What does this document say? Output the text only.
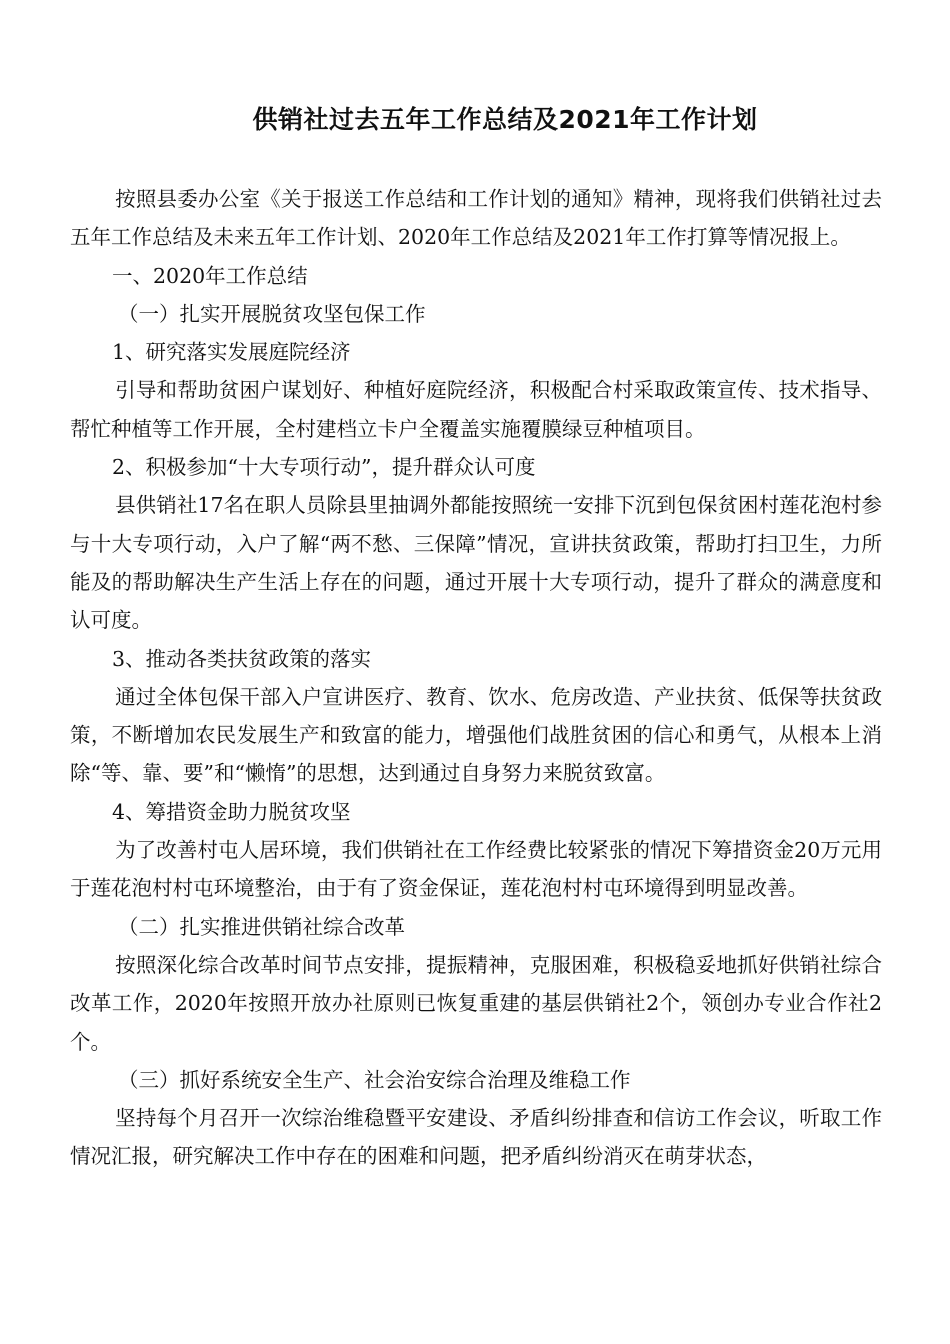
供销社过去五年工作总结及2021年工作计划

按照县委办公室《关于报送工作总结和工作计划的通知》精神，现将我们供销社过去五年工作总结及未来五年工作计划、2020年工作总结及2021年工作打算等情况报上。

一、2020年工作总结

（一）扎实开展脱贫攻坚包保工作

1、研究落实发展庭院经济

引导和帮助贫困户谋划好、种植好庭院经济，积极配合村采取政策宣传、技术指导、帮忙种植等工作开展，全村建档立卡户全覆盖实施覆膜绿豆种植项目。

2、积极参加“十大专项行动”，提升群众认可度

县供销社17名在职人员除县里抽调外都能按照统一安排下沉到包保贫困村莲花泡村参与十大专项行动，入户了解“两不愁、三保障”情况，宣讲扶贫政策，帮助打扫卫生，力所能及的帮助解决生产生活上存在的问题，通过开展十大专项行动，提升了群众的满意度和认可度。

3、推动各类扶贫政策的落实

通过全体包保干部入户宣讲医疗、教育、饮水、危房改造、产业扶贫、低保等扶贫政策，不断增加农民发展生产和致富的能力，增强他们战胜贫困的信心和勇气，从根本上消除“等、靠、要”和“懒惰”的思想，达到通过自身努力来脱贫致富。

4、筹措资金助力脱贫攻坚

为了改善村屯人居环境，我们供销社在工作经费比较紧张的情况下筹措资金20万元用于莲花泡村村屯环境整治，由于有了资金保证，莲花泡村村屯环境得到明显改善。

（二）扎实推进供销社综合改革

按照深化综合改革时间节点安排，提振精神，克服困难，积极稳妥地抓好供销社综合改革工作，2020年按照开放办社原则已恢复重建的基层供销社2个，领创办专业合作社2个。

（三）抓好系统安全生产、社会治安综合治理及维稳工作

坚持每个月召开一次综治维稳暨平安建设、矛盾纠纷排查和信访工作会议，听取工作情况汇报，研究解决工作中存在的困难和问题，把矛盾纠纷消灭在萌芽状态，
